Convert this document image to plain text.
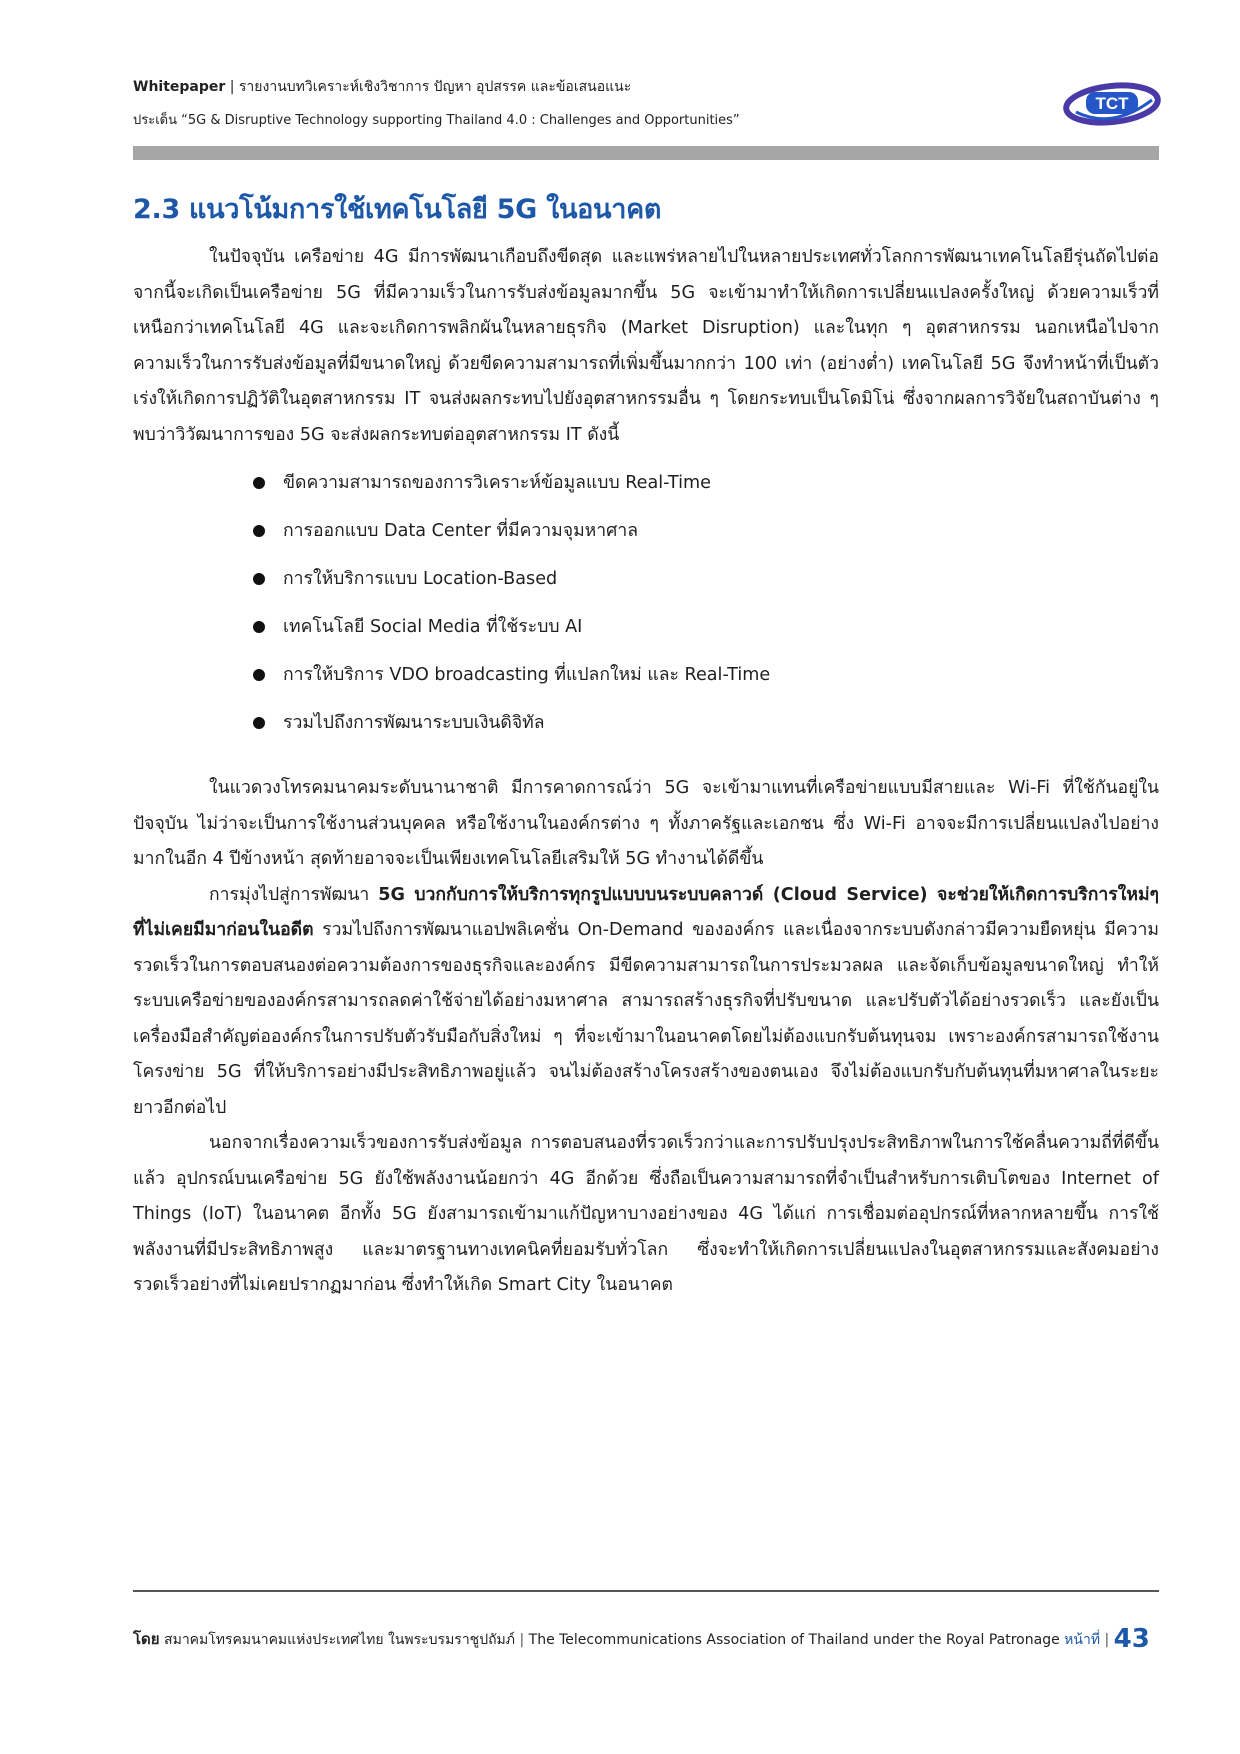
Whitepaper | รายงานบทวิเคราะห์เชิงวิชาการ ปัญหา อุปสรรค และข้อเสนอแนะ
ประเด็น “5G & Disruptive Technology supporting Thailand 4.0 : Challenges and Opportunities”
TCT
2.3 แนวโน้มการใช้เทคโนโลยี 5G ในอนาคต

ในปัจจุบัน เครือข่าย 4G มีการพัฒนาเกือบถึงขีดสุด และแพร่หลายไปในหลายประเทศทั่วโลกการพัฒนาเทคโนโลยีรุ่นถัดไปต่อจากนี้จะเกิดเป็นเครือข่าย 5G ที่มีความเร็วในการรับส่งข้อมูลมากขึ้น 5G จะเข้ามาทำให้เกิดการเปลี่ยนแปลงครั้งใหญ่ ด้วยความเร็วที่เหนือกว่าเทคโนโลยี 4G และจะเกิดการพลิกผันในหลายธุรกิจ (Market Disruption) และในทุก ๆ อุตสาหกรรม นอกเหนือไปจากความเร็วในการรับส่งข้อมูลที่มีขนาดใหญ่ ด้วยขีดความสามารถที่เพิ่มขึ้นมากกว่า 100 เท่า (อย่างต่ำ) เทคโนโลยี 5G จึงทำหน้าที่เป็นตัวเร่งให้เกิดการปฏิวัติในอุตสาหกรรม IT จนส่งผลกระทบไปยังอุตสาหกรรมอื่น ๆ โดยกระทบเป็นโดมิโน่ ซึ่งจากผลการวิจัยในสถาบันต่าง ๆ พบว่าวิวัฒนาการของ 5G จะส่งผลกระทบต่ออุตสาหกรรม IT ดังนี้

ขีดความสามารถของการวิเคราะห์ข้อมูลแบบ Real-Time
การออกแบบ Data Center ที่มีความจุมหาศาล
การให้บริการแบบ Location-Based
เทคโนโลยี Social Media ที่ใช้ระบบ AI
การให้บริการ VDO broadcasting ที่แปลกใหม่ และ Real-Time
รวมไปถึงการพัฒนาระบบเงินดิจิทัล

ในแวดวงโทรคมนาคมระดับนานาชาติ มีการคาดการณ์ว่า 5G จะเข้ามาแทนที่เครือข่ายแบบมีสายและ Wi-Fi ที่ใช้กันอยู่ในปัจจุบัน ไม่ว่าจะเป็นการใช้งานส่วนบุคคล หรือใช้งานในองค์กรต่าง ๆ ทั้งภาครัฐและเอกชน ซึ่ง Wi-Fi อาจจะมีการเปลี่ยนแปลงไปอย่างมากในอีก 4 ปีข้างหน้า สุดท้ายอาจจะเป็นเพียงเทคโนโลยีเสริมให้ 5G ทำงานได้ดีขึ้น

การมุ่งไปสู่การพัฒนา 5G บวกกับการให้บริการทุกรูปแบบบนระบบคลาวด์ (Cloud Service) จะช่วยให้เกิดการบริการใหม่ๆ ที่ไม่เคยมีมาก่อนในอดีต รวมไปถึงการพัฒนาแอปพลิเคชั่น On-Demand ขององค์กร และเนื่องจากระบบดังกล่าวมีความยืดหยุ่น มีความรวดเร็วในการตอบสนองต่อความต้องการของธุรกิจและองค์กร มีขีดความสามารถในการประมวลผล และจัดเก็บข้อมูลขนาดใหญ่ ทำให้ระบบเครือข่ายขององค์กรสามารถลดค่าใช้จ่ายได้อย่างมหาศาล สามารถสร้างธุรกิจที่ปรับขนาด และปรับตัวได้อย่างรวดเร็ว และยังเป็นเครื่องมือสำคัญต่อองค์กรในการปรับตัวรับมือกับสิ่งใหม่ ๆ ที่จะเข้ามาในอนาคตโดยไม่ต้องแบกรับต้นทุนจม เพราะองค์กรสามารถใช้งานโครงข่าย 5G ที่ให้บริการอย่างมีประสิทธิภาพอยู่แล้ว จนไม่ต้องสร้างโครงสร้างของตนเอง จึงไม่ต้องแบกรับกับต้นทุนที่มหาศาลในระยะยาวอีกต่อไป

นอกจากเรื่องความเร็วของการรับส่งข้อมูล การตอบสนองที่รวดเร็วกว่าและการปรับปรุงประสิทธิภาพในการใช้คลื่นความถี่ที่ดีขึ้นแล้ว อุปกรณ์บนเครือข่าย 5G ยังใช้พลังงานน้อยกว่า 4G อีกด้วย ซึ่งถือเป็นความสามารถที่จำเป็นสำหรับการเติบโตของ Internet of Things (IoT) ในอนาคต อีกทั้ง 5G ยังสามารถเข้ามาแก้ปัญหาบางอย่างของ 4G ได้แก่ การเชื่อมต่ออุปกรณ์ที่หลากหลายขึ้น การใช้พลังงานที่มีประสิทธิภาพสูง และมาตรฐานทางเทคนิคที่ยอมรับทั่วโลก ซึ่งจะทำให้เกิดการเปลี่ยนแปลงในอุตสาหกรรมและสังคมอย่างรวดเร็วอย่างที่ไม่เคยปรากฏมาก่อน ซึ่งทำให้เกิด Smart City ในอนาคต

โดย สมาคมโทรคมนาคมแห่งประเทศไทย ในพระบรมราชูปถัมภ์ | The Telecommunications Association of Thailand under the Royal Patronage หน้าที่ | 43
